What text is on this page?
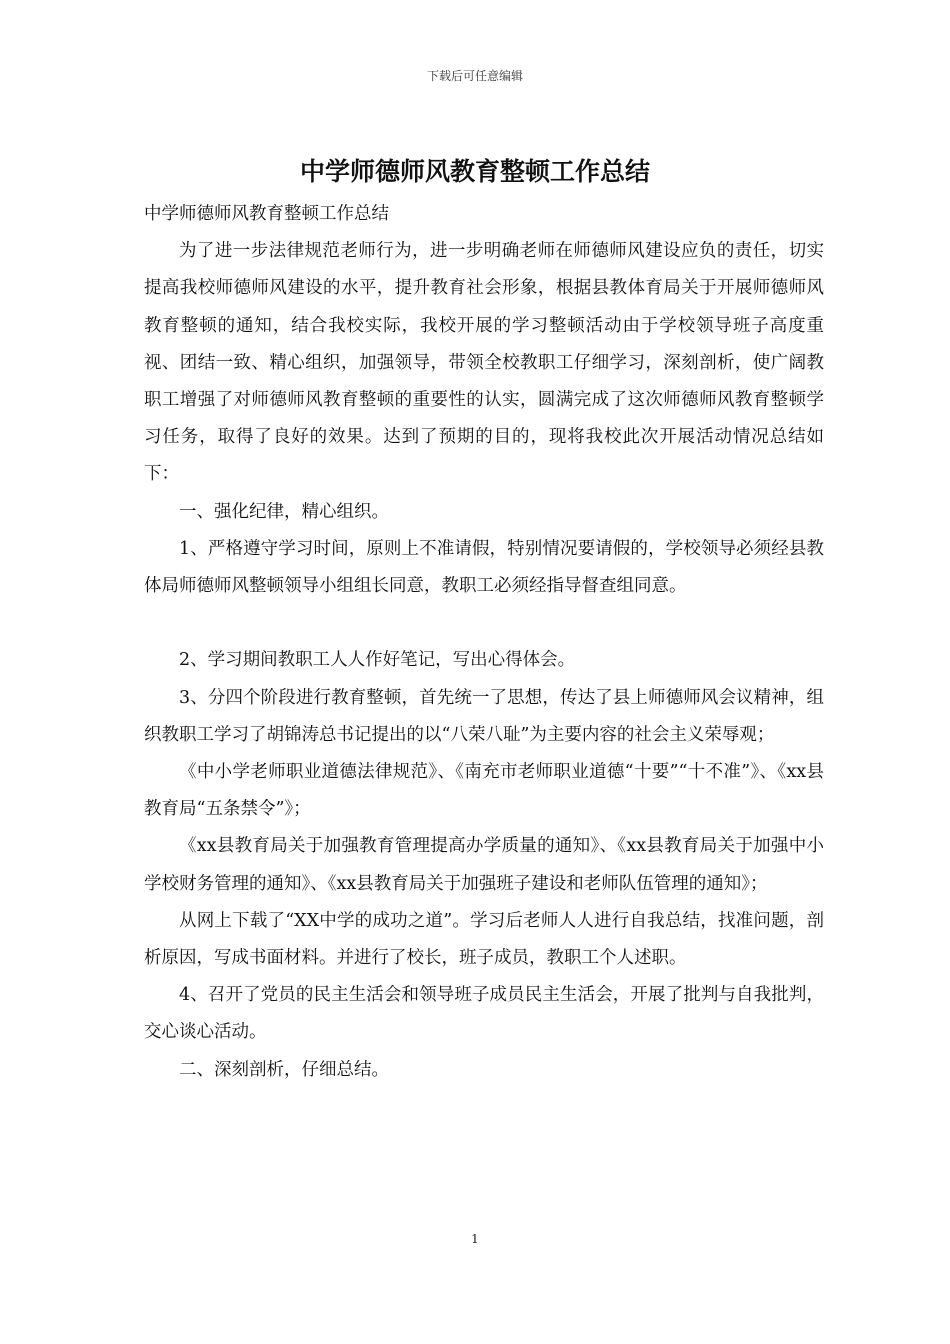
下载后可任意编辑
中学师德师风教育整顿工作总结

中学师德师风教育整顿工作总结

为了进一步法律规范老师行为，进一步明确老师在师德师风建设应负的责任，切实提高我校师德师风建设的水平，提升教育社会形象，根据县教体育局关于开展师德师风教育整顿的通知，结合我校实际，我校开展的学习整顿活动由于学校领导班子高度重视、团结一致、精心组织，加强领导，带领全校教职工仔细学习，深刻剖析，使广阔教职工增强了对师德师风教育整顿的重要性的认实，圆满完成了这次师德师风教育整顿学习任务，取得了良好的效果。达到了预期的目的，现将我校此次开展活动情况总结如下：

一、强化纪律，精心组织。

1、严格遵守学习时间，原则上不准请假，特别情况要请假的，学校领导必须经县教体局师德师风整顿领导小组组长同意，教职工必须经指导督查组同意。

2、学习期间教职工人人作好笔记，写出心得体会。

3、分四个阶段进行教育整顿，首先统一了思想，传达了县上师德师风会议精神，组织教职工学习了胡锦涛总书记提出的以“八荣八耻”为主要内容的社会主义荣辱观；

《中小学老师职业道德法律规范》、《南充市老师职业道德“十要”“十不准”》、《xx县教育局“五条禁令”》；

《xx县教育局关于加强教育管理提高办学质量的通知》、《xx县教育局关于加强中小学校财务管理的通知》、《xx县教育局关于加强班子建设和老师队伍管理的通知》；

从网上下载了“XX中学的成功之道”。学习后老师人人进行自我总结，找准问题，剖析原因，写成书面材料。并进行了校长，班子成员，教职工个人述职。

4、召开了党员的民主生活会和领导班子成员民主生活会，开展了批判与自我批判，交心谈心活动。

二、深刻剖析，仔细总结。

1
